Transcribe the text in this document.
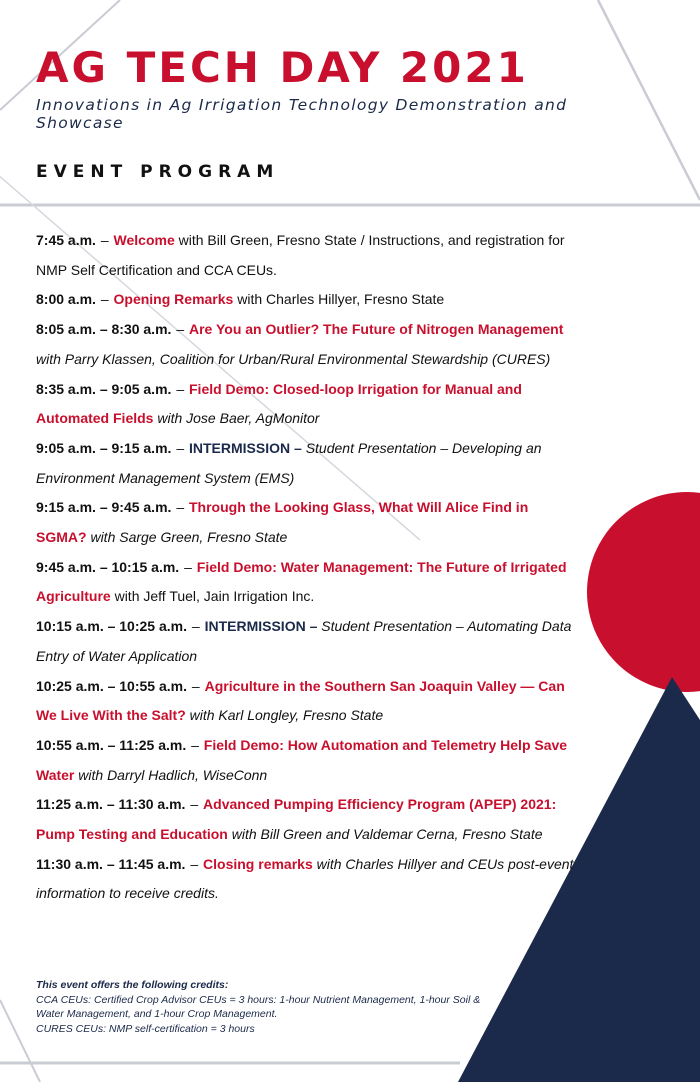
AG TECH DAY 2021

Innovations in Ag Irrigation Technology Demonstration and Showcase

EVENT PROGRAM

7:45 a.m. – Welcome with Bill Green, Fresno State / Instructions, and registration for NMP Self Certification and CCA CEUs.

8:00 a.m. – Opening Remarks with Charles Hillyer, Fresno State

8:05 a.m. – 8:30 a.m. – Are You an Outlier? The Future of Nitrogen Management with Parry Klassen, Coalition for Urban/Rural Environmental Stewardship (CURES)

8:35 a.m. – 9:05 a.m. – Field Demo: Closed-loop Irrigation for Manual and Automated Fields with Jose Baer, AgMonitor

9:05 a.m. – 9:15 a.m. – INTERMISSION – Student Presentation – Developing an Environment Management System (EMS)

9:15 a.m. – 9:45 a.m. – Through the Looking Glass, What Will Alice Find in SGMA? with Sarge Green, Fresno State

9:45 a.m. – 10:15 a.m. – Field Demo: Water Management: The Future of Irrigated Agriculture with Jeff Tuel, Jain Irrigation Inc.

10:15 a.m. – 10:25 a.m. – INTERMISSION – Student Presentation – Automating Data Entry of Water Application

10:25 a.m. – 10:55 a.m. – Agriculture in the Southern San Joaquin Valley — Can We Live With the Salt? with Karl Longley, Fresno State

10:55 a.m. – 11:25 a.m. – Field Demo: How Automation and Telemetry Help Save Water with Darryl Hadlich, WiseConn

11:25 a.m. – 11:30 a.m. – Advanced Pumping Efficiency Program (APEP) 2021: Pump Testing and Education with Bill Green and Valdemar Cerna, Fresno State

11:30 a.m. – 11:45 a.m. – Closing remarks with Charles Hillyer and CEUs post-event information to receive credits.

This event offers the following credits:
CCA CEUs: Certified Crop Advisor CEUs = 3 hours: 1-hour Nutrient Management, 1-hour Soil & Water Management, and 1-hour Crop Management.
CURES CEUs: NMP self-certification = 3 hours
